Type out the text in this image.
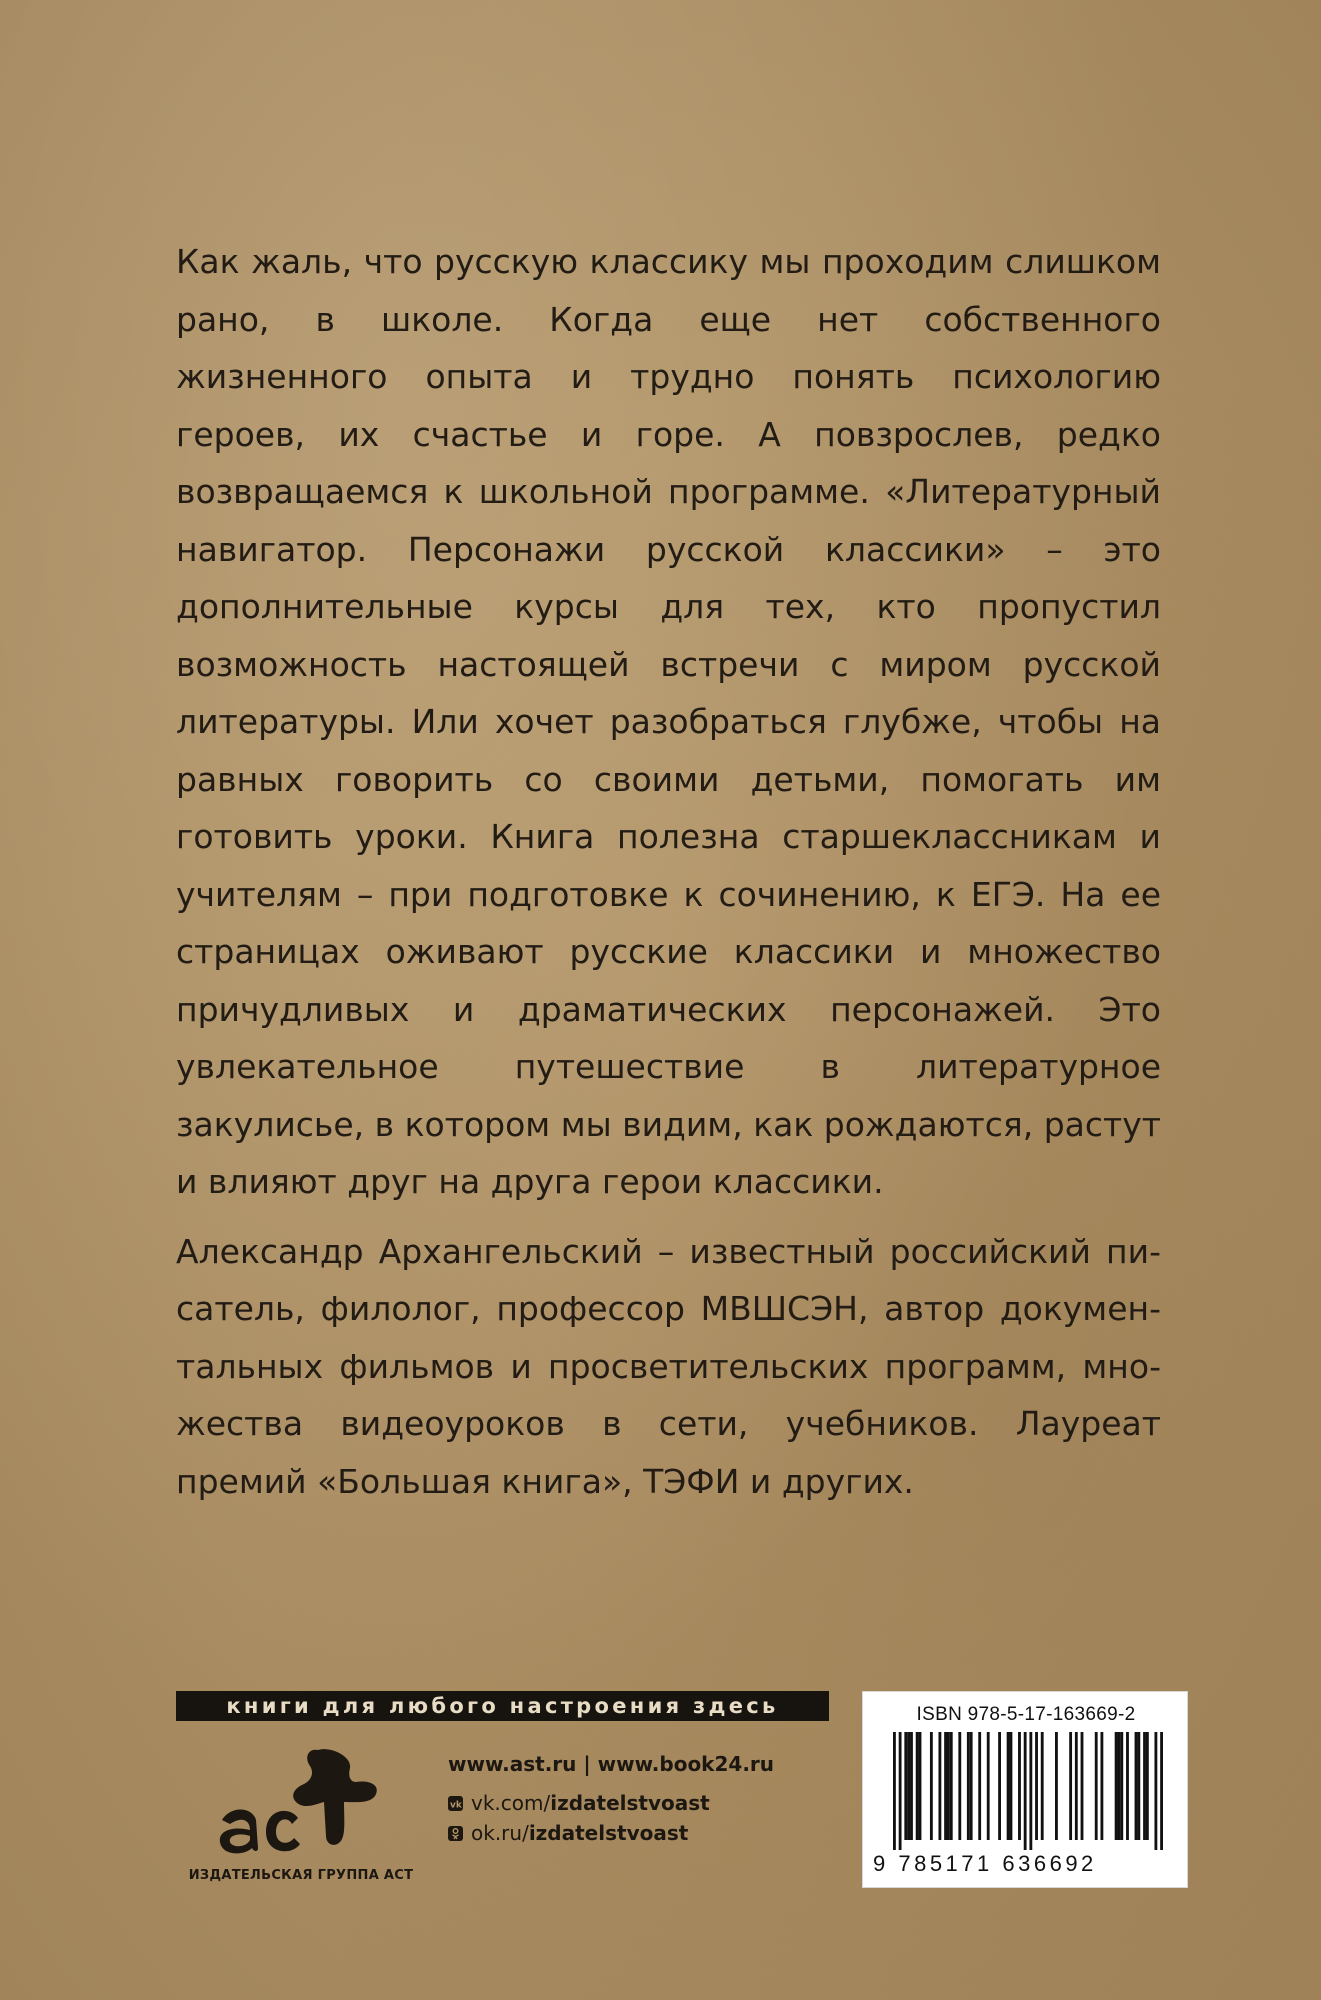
Как жаль, что русскую классику мы проходим слишком рано, в школе. Когда еще нет собственного жизненного опыта и трудно понять психологию героев, их счастье и горе. А повзрослев, редко возвращаемся к школьной программе. «Литературный навигатор. Персонажи русской классики» – это дополнительные курсы для тех, кто пропустил возможность настоящей встречи с миром русской литературы. Или хочет разобраться глубже, чтобы на равных говорить со своими детьми, помогать им готовить уроки. Книга полезна старшеклассникам и учителям – при подготовке к сочинению, к ЕГЭ. На ее страницах оживают русские классики и множество причудливых и драматических персонажей. Это увлекательное путешествие в литературное закулисье, в котором мы видим, как рождаются, растут и влияют друг на друга герои классики.

Александр Архангельский – известный российский писатель, филолог, профессор МВШСЭН, автор документальных фильмов и просветительских программ, множества видеоуроков в сети, учебников. Лауреат премий «Большая книга», ТЭФИ и других.

книги для любого настроения здесь
аст
ИЗДАТЕЛЬСКАЯ ГРУППА АСТ
www.ast.ru | www.book24.ru
vk vk.com/ izdatelstvoast
ok.ru/ izdatelstvoast
ISBN 978-5-17-163669-2
9 785171 636692
